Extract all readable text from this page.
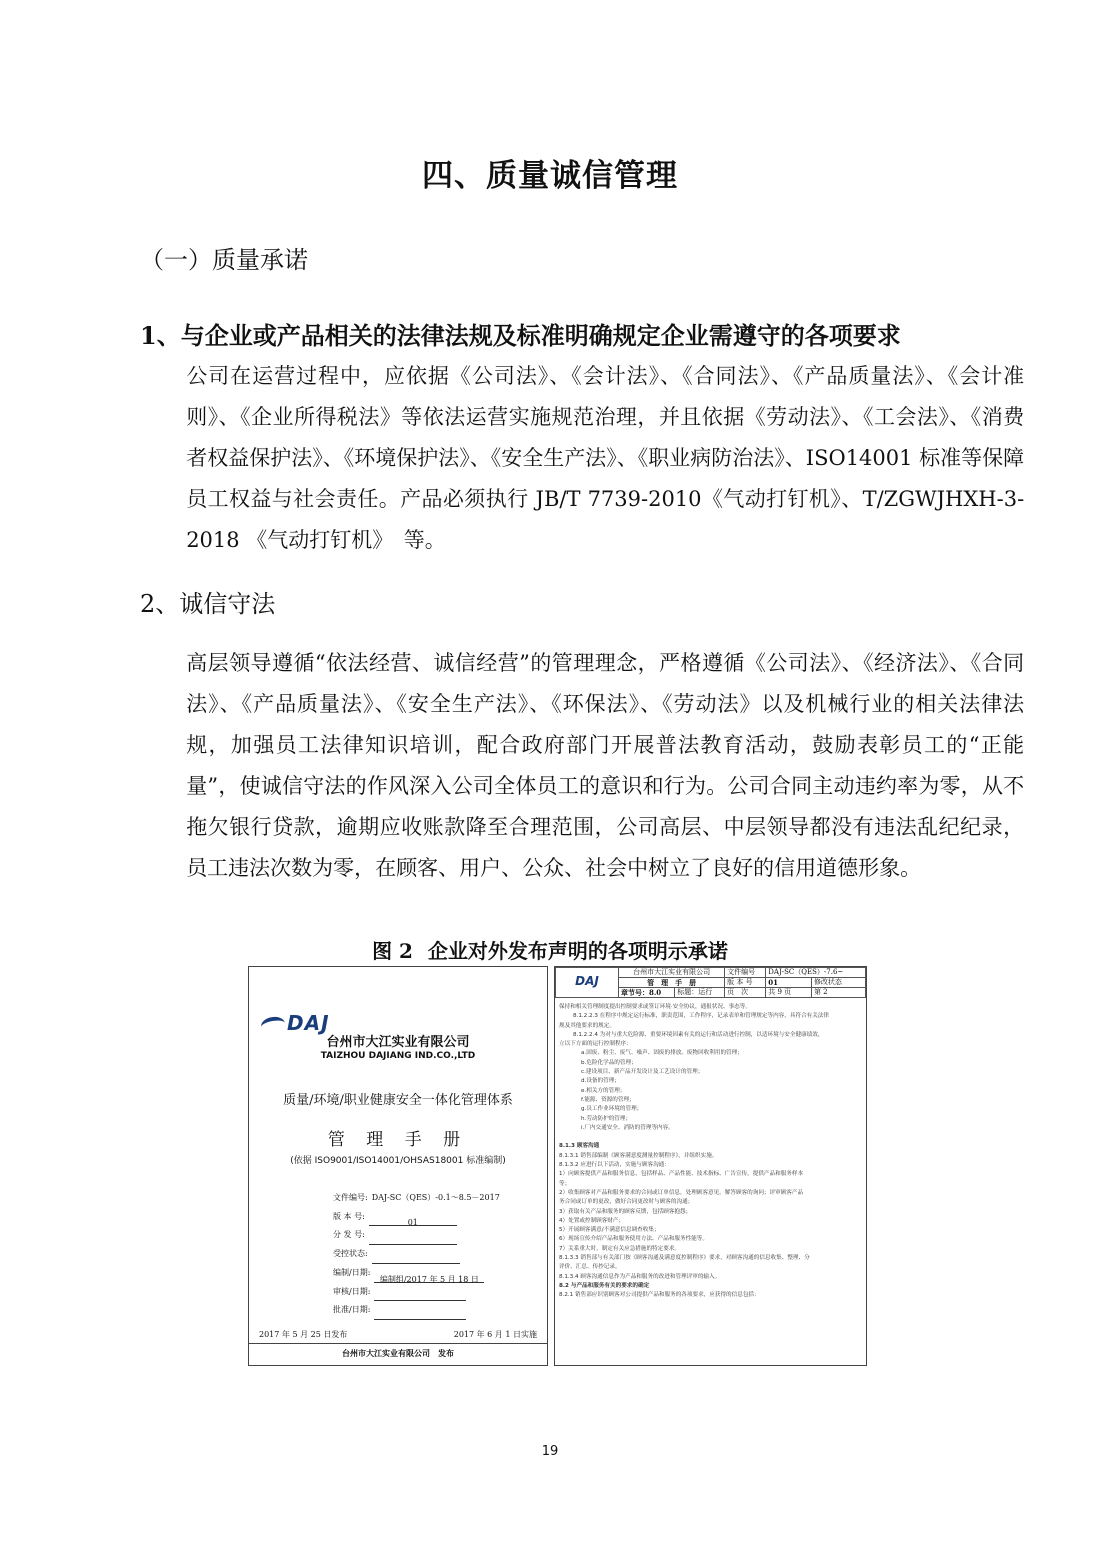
四、质量诚信管理
（一）质量承诺
1、与企业或产品相关的法律法规及标准明确规定企业需遵守的各项要求

公司在运营过程中，应依据《公司法》、《会计法》、《合同法》、《产品质量法》、《会计准则》、《企业所得税法》等依法运营实施规范治理，并且依据《劳动法》、《工会法》、《消费者权益保护法》、《环境保护法》、《安全生产法》、《职业病防治法》、ISO14001 标准等保障员工权益与社会责任。产品必须执行 JB/T 7739-2010《气动打钉机》、T/ZGWJHXH-3-2018 《气动打钉机》　等。

2、诚信守法

高层领导遵循“依法经营、诚信经营”的管理理念，严格遵循《公司法》、《经济法》、《合同法》、《产品质量法》、《安全生产法》、《环保法》、《劳动法》以及机械行业的相关法律法规，加强员工法律知识培训，配合政府部门开展普法教育活动，鼓励表彰员工的“正能量”，使诚信守法的作风深入公司全体员工的意识和行为。公司合同主动违约率为零，从不拖欠银行贷款，逾期应收账款降至合理范围，公司高层、中层领导都没有违法乱纪纪录，员工违法次数为零，在顾客、用户、公众、社会中树立了良好的信用道德形象。

图 2 企业对外发布声明的各项明示承诺
DAJ
台州市大江实业有限公司
TAIZHOU DAJIANG IND.CO.,LTD
质量/环境/职业健康安全一体化管理体系
管 理 手 册
(依据 ISO9001/ISO14001/OHSAS18001 标准编制)
文件编号: DAJ-SC（QES）-0.1～8.5－2017
版 本 号:01
分 发 号:
受控状态:
编制/日期:编制组/2017 年 5 月 18 日
审核/日期:
批准/日期:
2017 年 5 月 25 日发布	2017 年 6 月 1 日实施
台州市大江实业有限公司　发布
DAJ	台州市大江实业有限公司		文件编号	DAJ-SC（QES）-7.6~	
	管　理　手　册		版 本 号	01	修改状态
	章节号：8.0	标题：运行	页　次	共 9 页	第 2
保持和相关管理制度提出控制要求或签订环境·安全协议，通报状况、事态等。
8.1.2.2.3 在程序中规定运行标准，职责范围，工作程序，记录表单和管理规定等内容，具符合有关法律
规及其他要求的规定。
8.1.2.2.4 为对与重大危险源、重要环境因素有关的运行和活动进行控制，以适环境与安全健康绩效，
立以下方面的运行控制程序：
a.固废、粉尘、废气、噪声、固废的排放、废物回收利用的管理；
b.危险化学品的管理；
c.建设项目、新产品开发设计及工艺设计的管理；
d.设备的管理；
e.相关方的管理；
f.能源、资源的管理；
g.员工作业环境的管理；
h.劳动防护的管理；
i.厂内交通安全、消防的管理等内容。

8.1.3 顾客沟通
8.1.3.1 销售部编制《顾客满意度测量控制程序》，并组织实施。
8.1.3.2 应进行以下活动，实施与顾客沟通：
1）向顾客提供产品和服务信息，包括样品、产品性能、技术指标、广告宣传，提供产品和服务样本
等；
2）收集顾客对产品和服务要求的合同或订单信息，处理顾客意见，解答顾客的询问；评审顾客产品
务合同或订单的更改，做好合同更改时与顾客的沟通；
3）获取有关产品和服务的顾客反馈，包括顾客抱怨；
4）处置或控制顾客财产；
5）开展顾客满意/不满意信息调查收集；
6）现场宣传介绍产品和服务使用方法、产品和服务性能等。
7）关系重大时，制定有关应急措施的特定要求。
8.1.3.3 销售部与有关部门按《顾客沟通及满意度控制程序》要求，对顾客沟通的信息收集、整理、分
评价、汇总、传抄记录。
8.1.3.4 顾客沟通信息作为产品和服务的改进和管理评审的输入。
8.2 与产品和服务有关的要求的确定
8.2.1 销售部应识别顾客对公司提供产品和服务的各项要求，应获得的信息包括：
19
